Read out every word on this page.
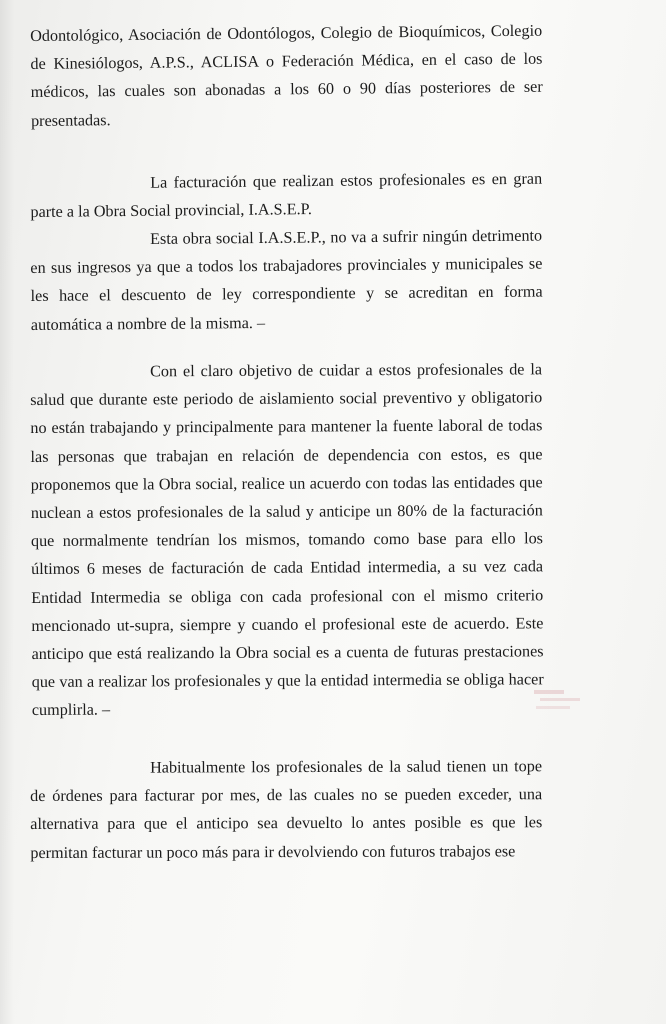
Odontológico, Asociación de Odontólogos, Colegio de Bioquímicos, Colegio de Kinesiólogos, A.P.S., ACLISA o Federación Médica, en el caso de los médicos, las cuales son abonadas a los 60 o 90 días posteriores de ser presentadas.

La facturación que realizan estos profesionales es en gran parte a la Obra Social provincial, I.A.S.E.P.

Esta obra social I.A.S.E.P., no va a sufrir ningún detrimento en sus ingresos ya que a todos los trabajadores provinciales y municipales se les hace el descuento de ley correspondiente y se acreditan en forma automática a nombre de la misma. –

Con el claro objetivo de cuidar a estos profesionales de la salud que durante este periodo de aislamiento social preventivo y obligatorio no están trabajando y principalmente para mantener la fuente laboral de todas las personas que trabajan en relación de dependencia con estos, es que proponemos que la Obra social, realice un acuerdo con todas las entidades que nuclean a estos profesionales de la salud y anticipe un 80% de la facturación que normalmente tendrían los mismos, tomando como base para ello los últimos 6 meses de facturación de cada Entidad intermedia, a su vez cada Entidad Intermedia se obliga con cada profesional con el mismo criterio mencionado ut-supra, siempre y cuando el profesional este de acuerdo. Este anticipo que está realizando la Obra social es a cuenta de futuras prestaciones que van a realizar los profesionales y que la entidad intermedia se obliga hacer cumplirla. –

Habitualmente los profesionales de la salud tienen un tope de órdenes para facturar por mes, de las cuales no se pueden exceder, una alternativa para que el anticipo sea devuelto lo antes posible es que les permitan facturar un poco más para ir devolviendo con futuros trabajos ese
